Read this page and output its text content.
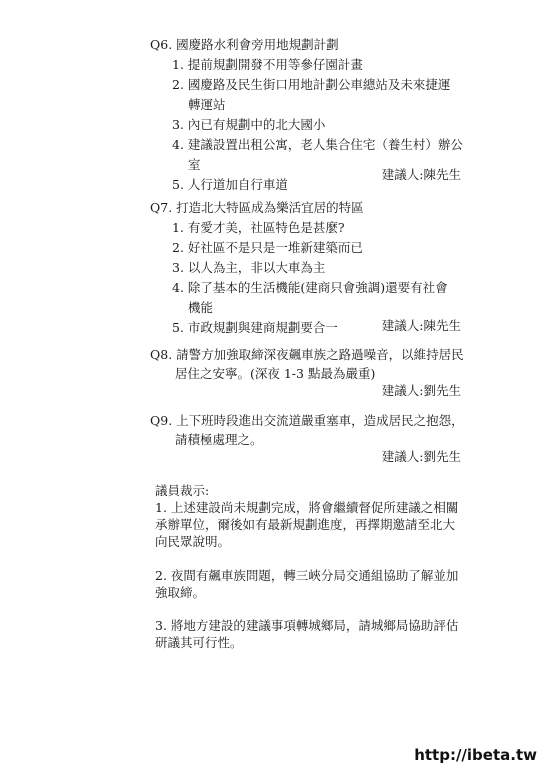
Q6. 國慶路水利會旁用地規劃計劃
1. 提前規劃開發不用等參仔園計畫
2. 國慶路及民生街口用地計劃公車總站及未來捷運
轉運站
3. 內已有規劃中的北大國小
4. 建議設置出租公寓，老人集合住宅（養生村）辦公
室
5. 人行道加自行車道
建議人:陳先生
Q7. 打造北大特區成為樂活宜居的特區
1. 有愛才美，社區特色是甚麼?
2. 好社區不是只是一堆新建築而已
3. 以人為主，非以大車為主
4. 除了基本的生活機能(建商只會強調)還要有社會
機能
5. 市政規劃與建商規劃要合一	建議人:陳先生
Q8. 請警方加強取締深夜飆車族之路過噪音，以維持居民
居住之安寧。(深夜 1-3 點最為嚴重)
建議人:劉先生
Q9. 上下班時段進出交流道嚴重塞車，造成居民之抱怨，
請積極處理之。
建議人:劉先生
議員裁示:
1. 上述建設尚未規劃完成，將會繼續督促所建議之相關
承辦單位，爾後如有最新規劃進度，再擇期邀請至北大
向民眾說明。
2. 夜間有飆車族問題，轉三峽分局交通組協助了解並加
強取締。
3. 將地方建設的建議事項轉城鄉局，請城鄉局協助評估
研議其可行性。
http://ibeta.tw
